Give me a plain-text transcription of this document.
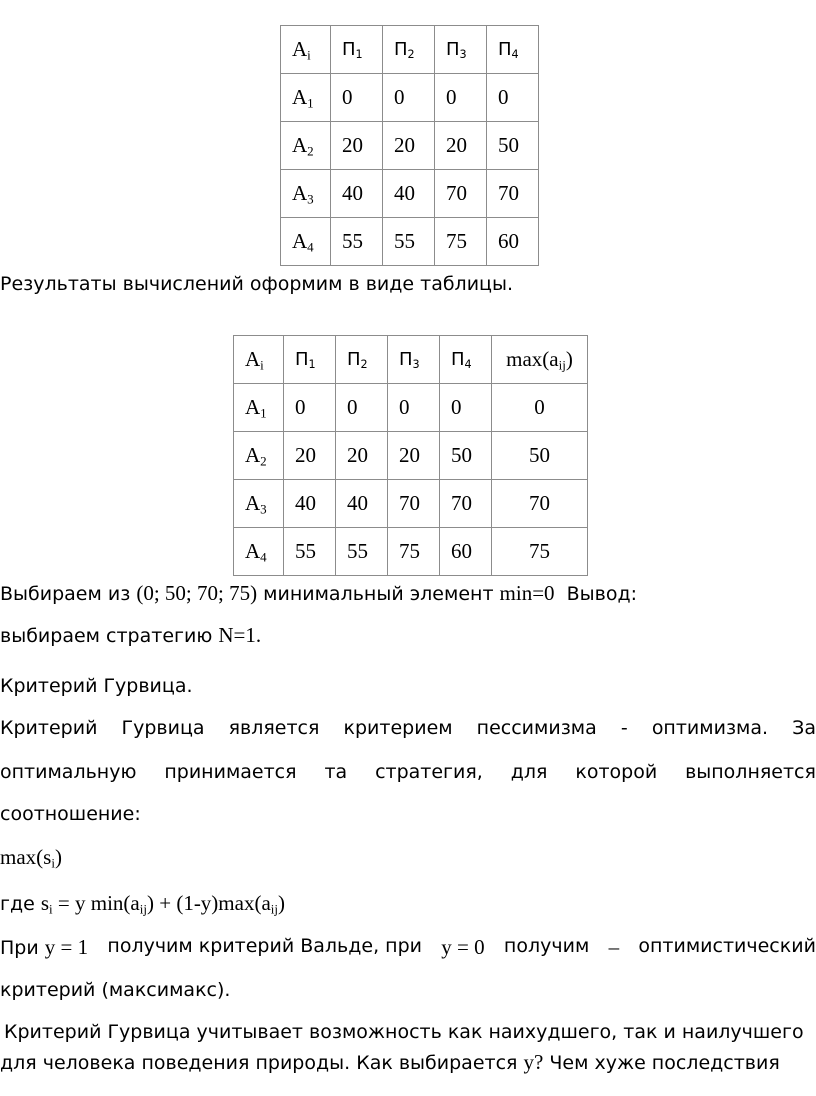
$A_i$	$П_1$	$П_2$	$П_3$	$П_4$
$A_1$	0	0	0	0
$A_2$	20	20	20	50
$A_3$	40	40	70	70
$A_4$	55	55	75	60

Результаты вычислений оформим в виде таблицы.

$A_i$	$П_1$	$П_2$	$П_3$	$П_4$	$\max(a_{ij})$
$A_1$	0	0	0	0	0
$A_2$	20	20	20	50	50
$A_3$	40	40	70	70	70
$A_4$	55	55	75	60	75

Выбираем из (0; 50; 70; 75) минимальный элемент min=0  Вывод:

выбираем стратегию N=1.

Критерий Гурвица.

Критерий Гурвица является критерием пессимизма - оптимизма. За
оптимальную принимается та стратегия, для которой выполняется

соотношение:

$\max(s_i)$

где $s_i = y$ $\min(a_{ij}) + (1-y)\max(a_{ij})$

При y = 1 получим критерий Вальде, при y = 0 получим – оптимистический

критерий (максимакс).

Критерий Гурвица учитывает возможность как наихудшего, так и наилучшего

для человека поведения природы. Как выбирается y? Чем хуже последствия
